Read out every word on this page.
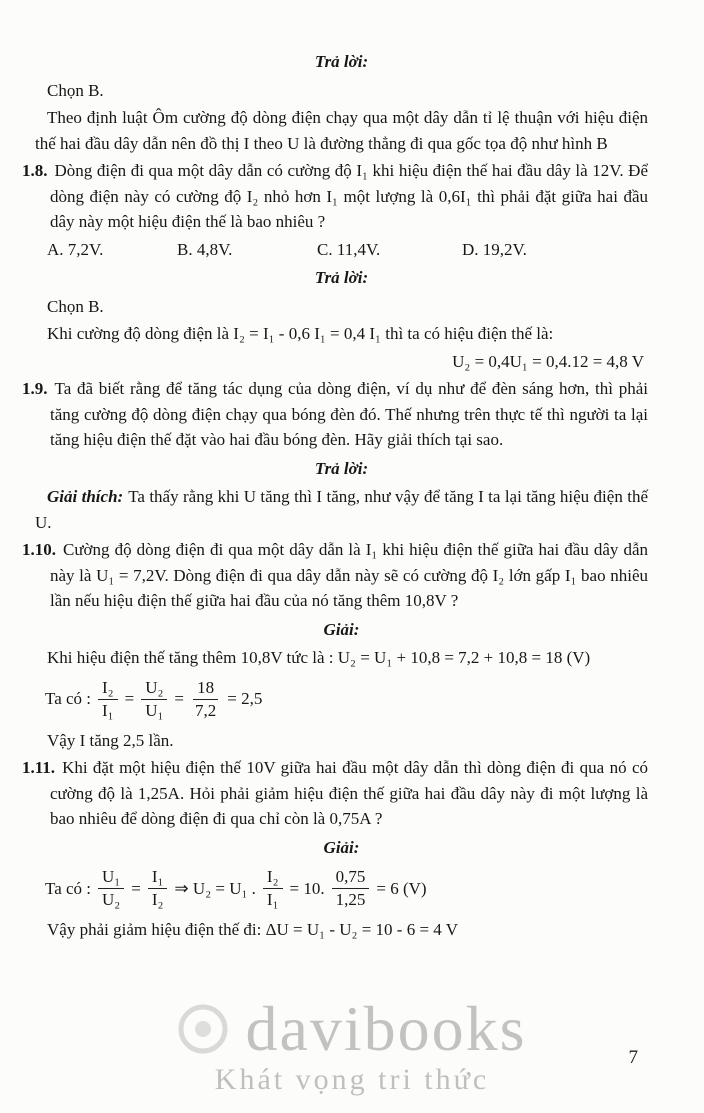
Trả lời:

Chọn B.

Theo định luật Ôm cường độ dòng điện chạy qua một dây dẫn tỉ lệ thuận với hiệu điện thế hai đầu dây dẫn nên đồ thị I theo U là đường thẳng đi qua gốc tọa độ như hình B

1.8. Dòng điện đi qua một dây dẫn có cường độ I₁ khi hiệu điện thế hai đầu dây là 12V. Để dòng điện này có cường độ I₂ nhỏ hơn I₁ một lượng là 0,6I₁ thì phải đặt giữa hai đầu dây này một hiệu điện thế là bao nhiêu ?

A. 7,2V.	B. 4,8V.	C. 11,4V.	D. 19,2V.

Trả lời:

Chọn B.

Khi cường độ dòng điện là I₂ = I₁ - 0,6 I₁ = 0,4 I₁ thì ta có hiệu điện thế là:

U₂ = 0,4U₁ = 0,4.12 = 4,8 V

1.9. Ta đã biết rằng để tăng tác dụng của dòng điện, ví dụ như để đèn sáng hơn, thì phải tăng cường độ dòng điện chạy qua bóng đèn đó. Thế nhưng trên thực tế thì người ta lại tăng hiệu điện thế đặt vào hai đầu bóng đèn. Hãy giải thích tại sao.

Trả lời:

Giải thích: Ta thấy rằng khi U tăng thì I tăng, như vậy để tăng I ta lại tăng hiệu điện thế U.

1.10. Cường độ dòng điện đi qua một dây dẫn là I₁ khi hiệu điện thế giữa hai đầu dây dẫn này là U₁ = 7,2V. Dòng điện đi qua dây dẫn này sẽ có cường độ I₂ lớn gấp I₁ bao nhiêu lần nếu hiệu điện thế giữa hai đầu của nó tăng thêm 10,8V ?

Giải:

Khi hiệu điện thế tăng thêm 10,8V tức là : U₂ = U₁ + 10,8 = 7,2 + 10,8 = 18 (V)

Ta có : $\frac{\text{I₂}}{\text{I₁}} = \frac{\text{U₂}}{\text{U₁}} = \frac{18}{7,2} = 2,5$

Vậy I tăng 2,5 lần.

1.11. Khi đặt một hiệu điện thế 10V giữa hai đầu một dây dẫn thì dòng điện đi qua nó có cường độ là 1,25A. Hỏi phải giảm hiệu điện thế giữa hai đầu dây này đi một lượng là bao nhiêu để dòng điện đi qua chỉ còn là 0,75A ?

Giải:

Ta có : $\frac{\text{U₁}}{\text{U₂}} = \frac{\text{I₁}}{\text{I₂}}$ ⇒ U₂ = U₁ . $\frac{\text{I₂}}{\text{I₁}} = 10$. $\frac{0,75}{1,25} = 6$ (V)

Vậy phải giảm hiệu điện thế đi: ΔU = U₁ - U₂ = 10 - 6 = 4 V

davibooks
Khát vọng tri thức
7
